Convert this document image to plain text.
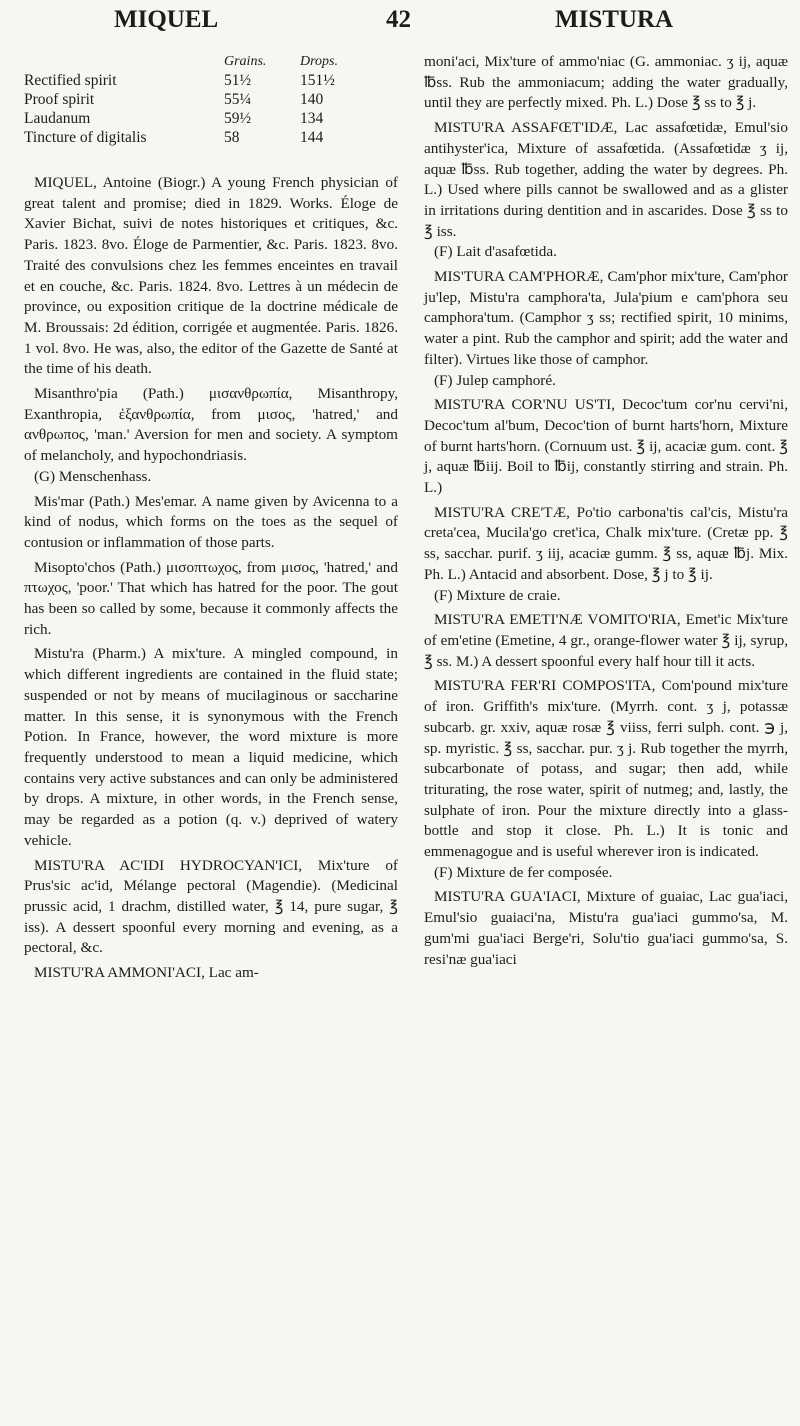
MIQUEL	42	MISTURA
	Grains.	Drops.
Rectified spirit	51½	151½
Proof spirit	55¼	140
Laudanum	59½	134
Tincture of digitalis	58	144

MIQUEL, Antoine (Biogr.) A young French physician of great talent and promise; died in 1829. Works. Éloge de Xavier Bichat, suivi de notes historiques et critiques, &c. Paris. 1823. 8vo. Éloge de Parmentier, &c. Paris. 1823. 8vo. Traité des convulsions chez les femmes enceintes en travail et en couche, &c. Paris. 1824. 8vo. Lettres à un médecin de province, ou exposition critique de la doctrine médicale de M. Broussais: 2d édition, corrigée et augmentée. Paris. 1826. 1 vol. 8vo. He was, also, the editor of the Gazette de Santé at the time of his death.

Misanthro'pia (Path.) μισανθρωπία, Misanthropy, Exanthropia, ἐξανθρωπία, from μισος, 'hatred,' and ανθρωπος, 'man.' Aversion for men and society. A symptom of melancholy, and hypochondriasis.

(G) Menschenhass.

Mis'mar (Path.) Mes'emar. A name given by Avicenna to a kind of nodus, which forms on the toes as the sequel of contusion or inflammation of those parts.

Misopto'chos (Path.) μισοπτωχος, from μισος, 'hatred,' and πτωχος, 'poor.' That which has hatred for the poor. The gout has been so called by some, because it commonly affects the rich.

Mistu'ra (Pharm.) A mix'ture. A mingled compound, in which different ingredients are contained in the fluid state; suspended or not by means of mucilaginous or saccharine matter. In this sense, it is synonymous with the French Potion. In France, however, the word mixture is more frequently understood to mean a liquid medicine, which contains very active substances and can only be administered by drops. A mixture, in other words, in the French sense, may be regarded as a potion (q. v.) deprived of watery vehicle.

MISTU'RA AC'IDI HYDROCYAN'ICI, Mix'ture of Prus'sic ac'id, Mélange pectoral (Magendie). (Medicinal prussic acid, 1 drachm, distilled water, ℥ 14, pure sugar, ℥ iss). A dessert spoonful every morning and evening, as a pectoral, &c.

MISTU'RA AMMONI'ACI, Lac am-

moni'aci, Mix'ture of ammo'niac (G. ammoniac. ʒ ij, aquæ ℔ss. Rub the ammoniacum; adding the water gradually, until they are perfectly mixed. Ph. L.) Dose ℥ ss to ℥ j.

MISTU'RA ASSAFŒT'IDÆ, Lac assafœtidæ, Emul'sio antihyster'ica, Mixture of assafœtida. (Assafœtidæ ʒ ij, aquæ ℔ss. Rub together, adding the water by degrees. Ph. L.) Used where pills cannot be swallowed and as a glister in irritations during dentition and in ascarides. Dose ℥ ss to ℥ iss.

(F) Lait d'asafœtida.

MIS'TURA CAM'PHORÆ, Cam'phor mix'ture, Cam'phor ju'lep, Mistu'ra camphora'ta, Jula'pium e cam'phora seu camphora'tum. (Camphor ʒ ss; rectified spirit, 10 minims, water a pint. Rub the camphor and spirit; add the water and filter). Virtues like those of camphor.

(F) Julep camphoré.

MISTU'RA COR'NU US'TI, Decoc'tum cor'nu cervi'ni, Decoc'tum al'bum, Decoc'tion of burnt harts'horn, Mixture of burnt harts'horn. (Cornuum ust. ℥ ij, acaciæ gum. cont. ℥ j, aquæ ℔iij. Boil to ℔ij, constantly stirring and strain. Ph. L.)

MISTU'RA CRE'TÆ, Po'tio carbona'tis cal'cis, Mistu'ra creta'cea, Mucila'go cret'ica, Chalk mix'ture. (Cretæ pp. ℥ ss, sacchar. purif. ʒ iij, acaciæ gumm. ℥ ss, aquæ ℔j. Mix. Ph. L.) Antacid and absorbent. Dose, ℥ j to ℥ ij.

(F) Mixture de craie.

MISTU'RA EMETI'NÆ VOMITO'RIA, Emet'ic Mix'ture of em'etine (Emetine, 4 gr., orange-flower water ℥ ij, syrup, ℥ ss. M.) A dessert spoonful every half hour till it acts.

MISTU'RA FER'RI COMPOS'ITA, Com'pound mix'ture of iron. Griffith's mix'ture. (Myrrh. cont. ʒ j, potassæ subcarb. gr. xxiv, aquæ rosæ ℥ viiss, ferri sulph. cont. ℈ j, sp. myristic. ℥ ss, sacchar. pur. ʒ j. Rub together the myrrh, subcarbonate of potass, and sugar; then add, while triturating, the rose water, spirit of nutmeg; and, lastly, the sulphate of iron. Pour the mixture directly into a glass-bottle and stop it close. Ph. L.) It is tonic and emmenagogue and is useful wherever iron is indicated.

(F) Mixture de fer composée.

MISTU'RA GUA'IACI, Mixture of guaiac, Lac gua'iaci, Emul'sio guaiaci'na, Mistu'ra gua'iaci gummo'sa, M. gum'mi gua'iaci Berge'ri, Solu'tio gua'iaci gummo'sa, S. resi'næ gua'iaci
